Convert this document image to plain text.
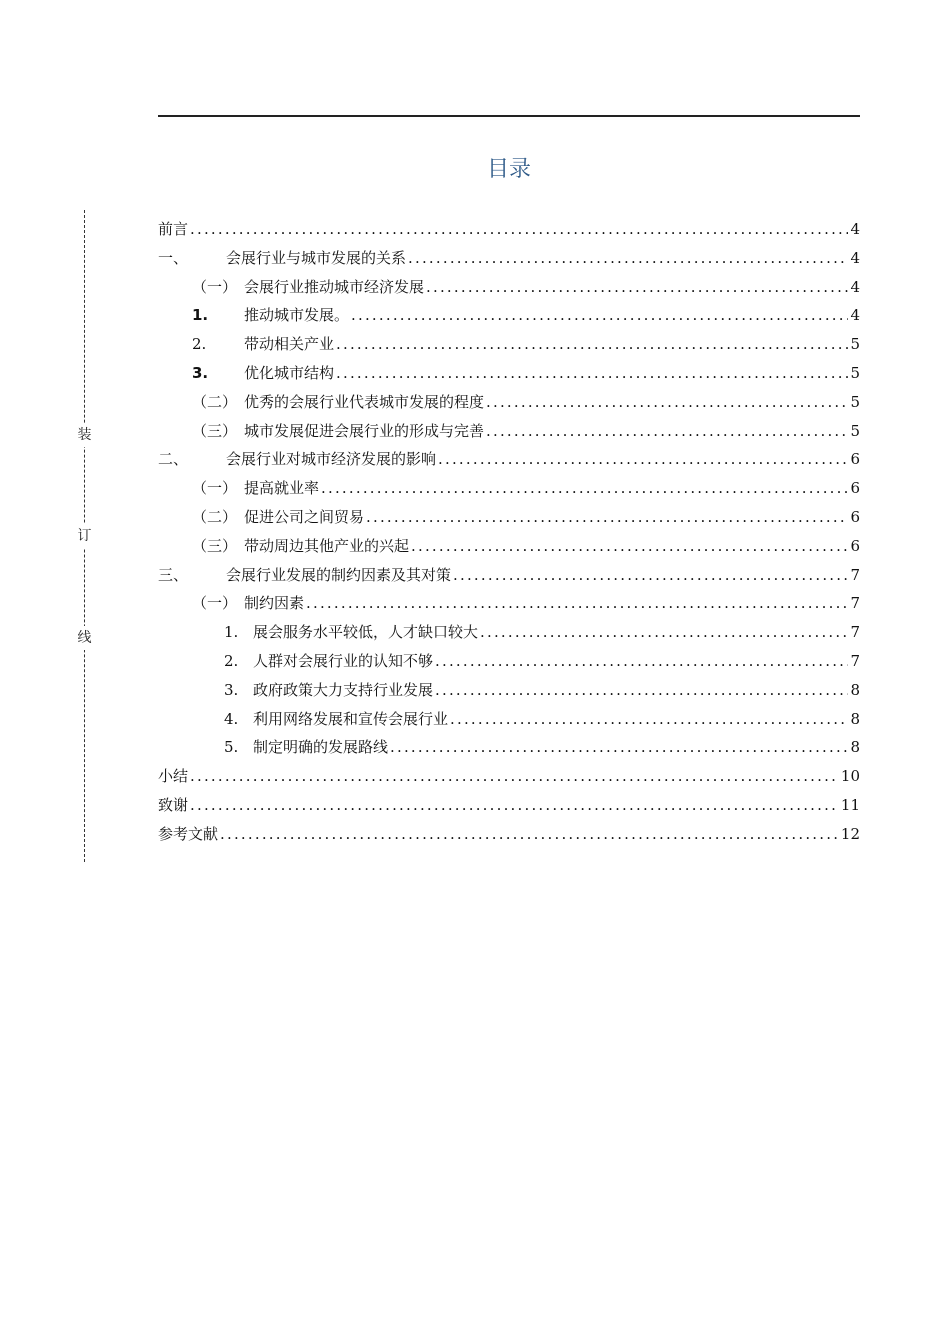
目录
装
订
线
前言 .....	4
一、	会展行业与城市发展的关系 .....	4
（一） 会展行业推动城市经济发展 .....	4
1.	推动城市发展。 .....	4
2.	带动相关产业 .....	5
3.	优化城市结构 .....	5
（二） 优秀的会展行业代表城市发展的程度 .....	5
（三） 城市发展促进会展行业的形成与完善 .....	5
二、	会展行业对城市经济发展的影响 .....	6
（一） 提高就业率 .....	6
（二） 促进公司之间贸易 .....	6
（三） 带动周边其他产业的兴起 .....	6
三、	会展行业发展的制约因素及其对策 .....	7
（一） 制约因素 .....	7
1. 展会服务水平较低，人才缺口较大 .....	7
2. 人群对会展行业的认知不够 .....	7
3. 政府政策大力支持行业发展 .....	8
4. 利用网络发展和宣传会展行业 .....	8
5. 制定明确的发展路线 .....	8
小结 .....	10
致谢 .....	11
参考文献 .....	12
